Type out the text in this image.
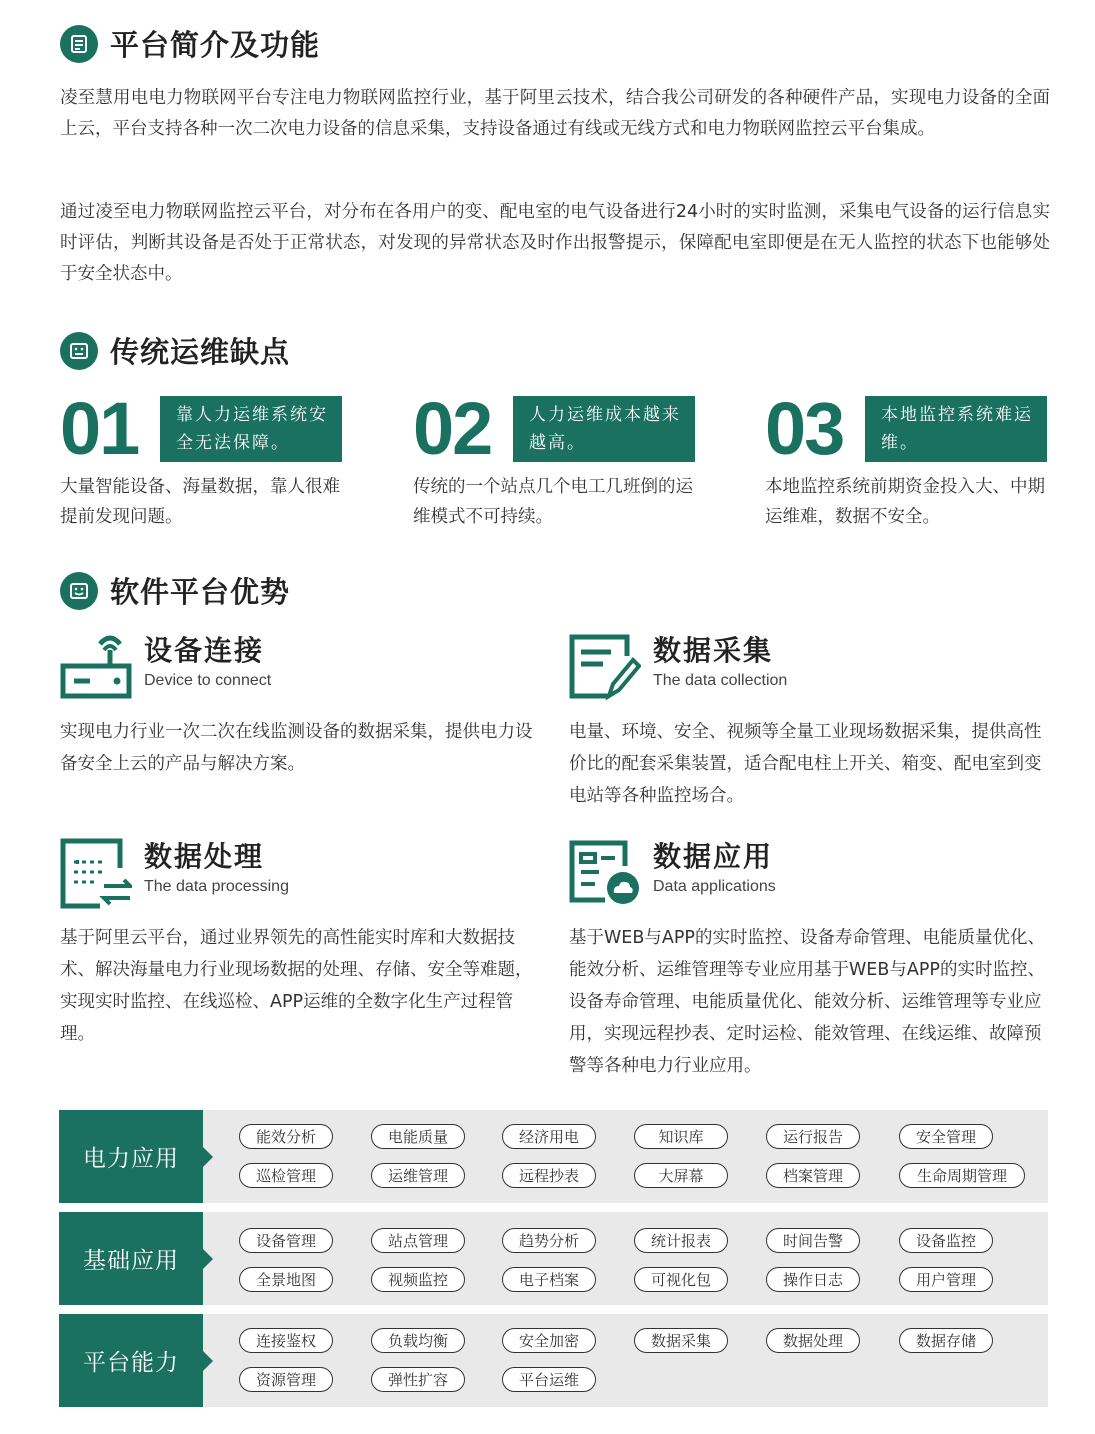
平台简介及功能
凌至慧用电电力物联网平台专注电力物联网监控行业，基于阿里云技术，结合我公司研发的各种硬件产品，实现电力设备的全面上云，平台支持各种一次二次电力设备的信息采集，支持设备通过有线或无线方式和电力物联网监控云平台集成。
通过凌至电力物联网监控云平台，对分布在各用户的变、配电室的电气设备进行24小时的实时监测，采集电气设备的运行信息实时评估，判断其设备是否处于正常状态，对发现的异常状态及时作出报警提示，保障配电室即便是在无人监控的状态下也能够处于安全状态中。
传统运维缺点
01	靠人力运维系统安全无法保障。
大量智能设备、海量数据，靠人很难提前发现问题。
02	人力运维成本越来越高。
传统的一个站点几个电工几班倒的运维模式不可持续。
03	本地监控系统难运维。
本地监控系统前期资金投入大、中期运维难，数据不安全。
软件平台优势
设备连接
Device to connect
实现电力行业一次二次在线监测设备的数据采集，提供电力设备安全上云的产品与解决方案。
数据采集
The data collection
电量、环境、安全、视频等全量工业现场数据采集，提供高性价比的配套采集装置，适合配电柱上开关、箱变、配电室到变电站等各种监控场合。
数据处理
The data processing
基于阿里云平台，通过业界领先的高性能实时库和大数据技术、解决海量电力行业现场数据的处理、存储、安全等难题，实现实时监控、在线巡检、APP运维的全数字化生产过程管理。
数据应用
Data applications
基于WEB与APP的实时监控、设备寿命管理、电能质量优化、能效分析、运维管理等专业应用基于WEB与APP的实时监控、设备寿命管理、电能质量优化、能效分析、运维管理等专业应用，实现远程抄表、定时运检、能效管理、在线运维、故障预警等各种电力行业应用。
电力应用
能效分析	电能质量	经济用电	知识库	运行报告	安全管理
巡检管理	运维管理	远程抄表	大屏幕	档案管理	生命周期管理
基础应用
设备管理	站点管理	趋势分析	统计报表	时间告警	设备监控
全景地图	视频监控	电子档案	可视化包	操作日志	用户管理
平台能力
连接鉴权	负载均衡	安全加密	数据采集	数据处理	数据存储
资源管理	弹性扩容	平台运维
